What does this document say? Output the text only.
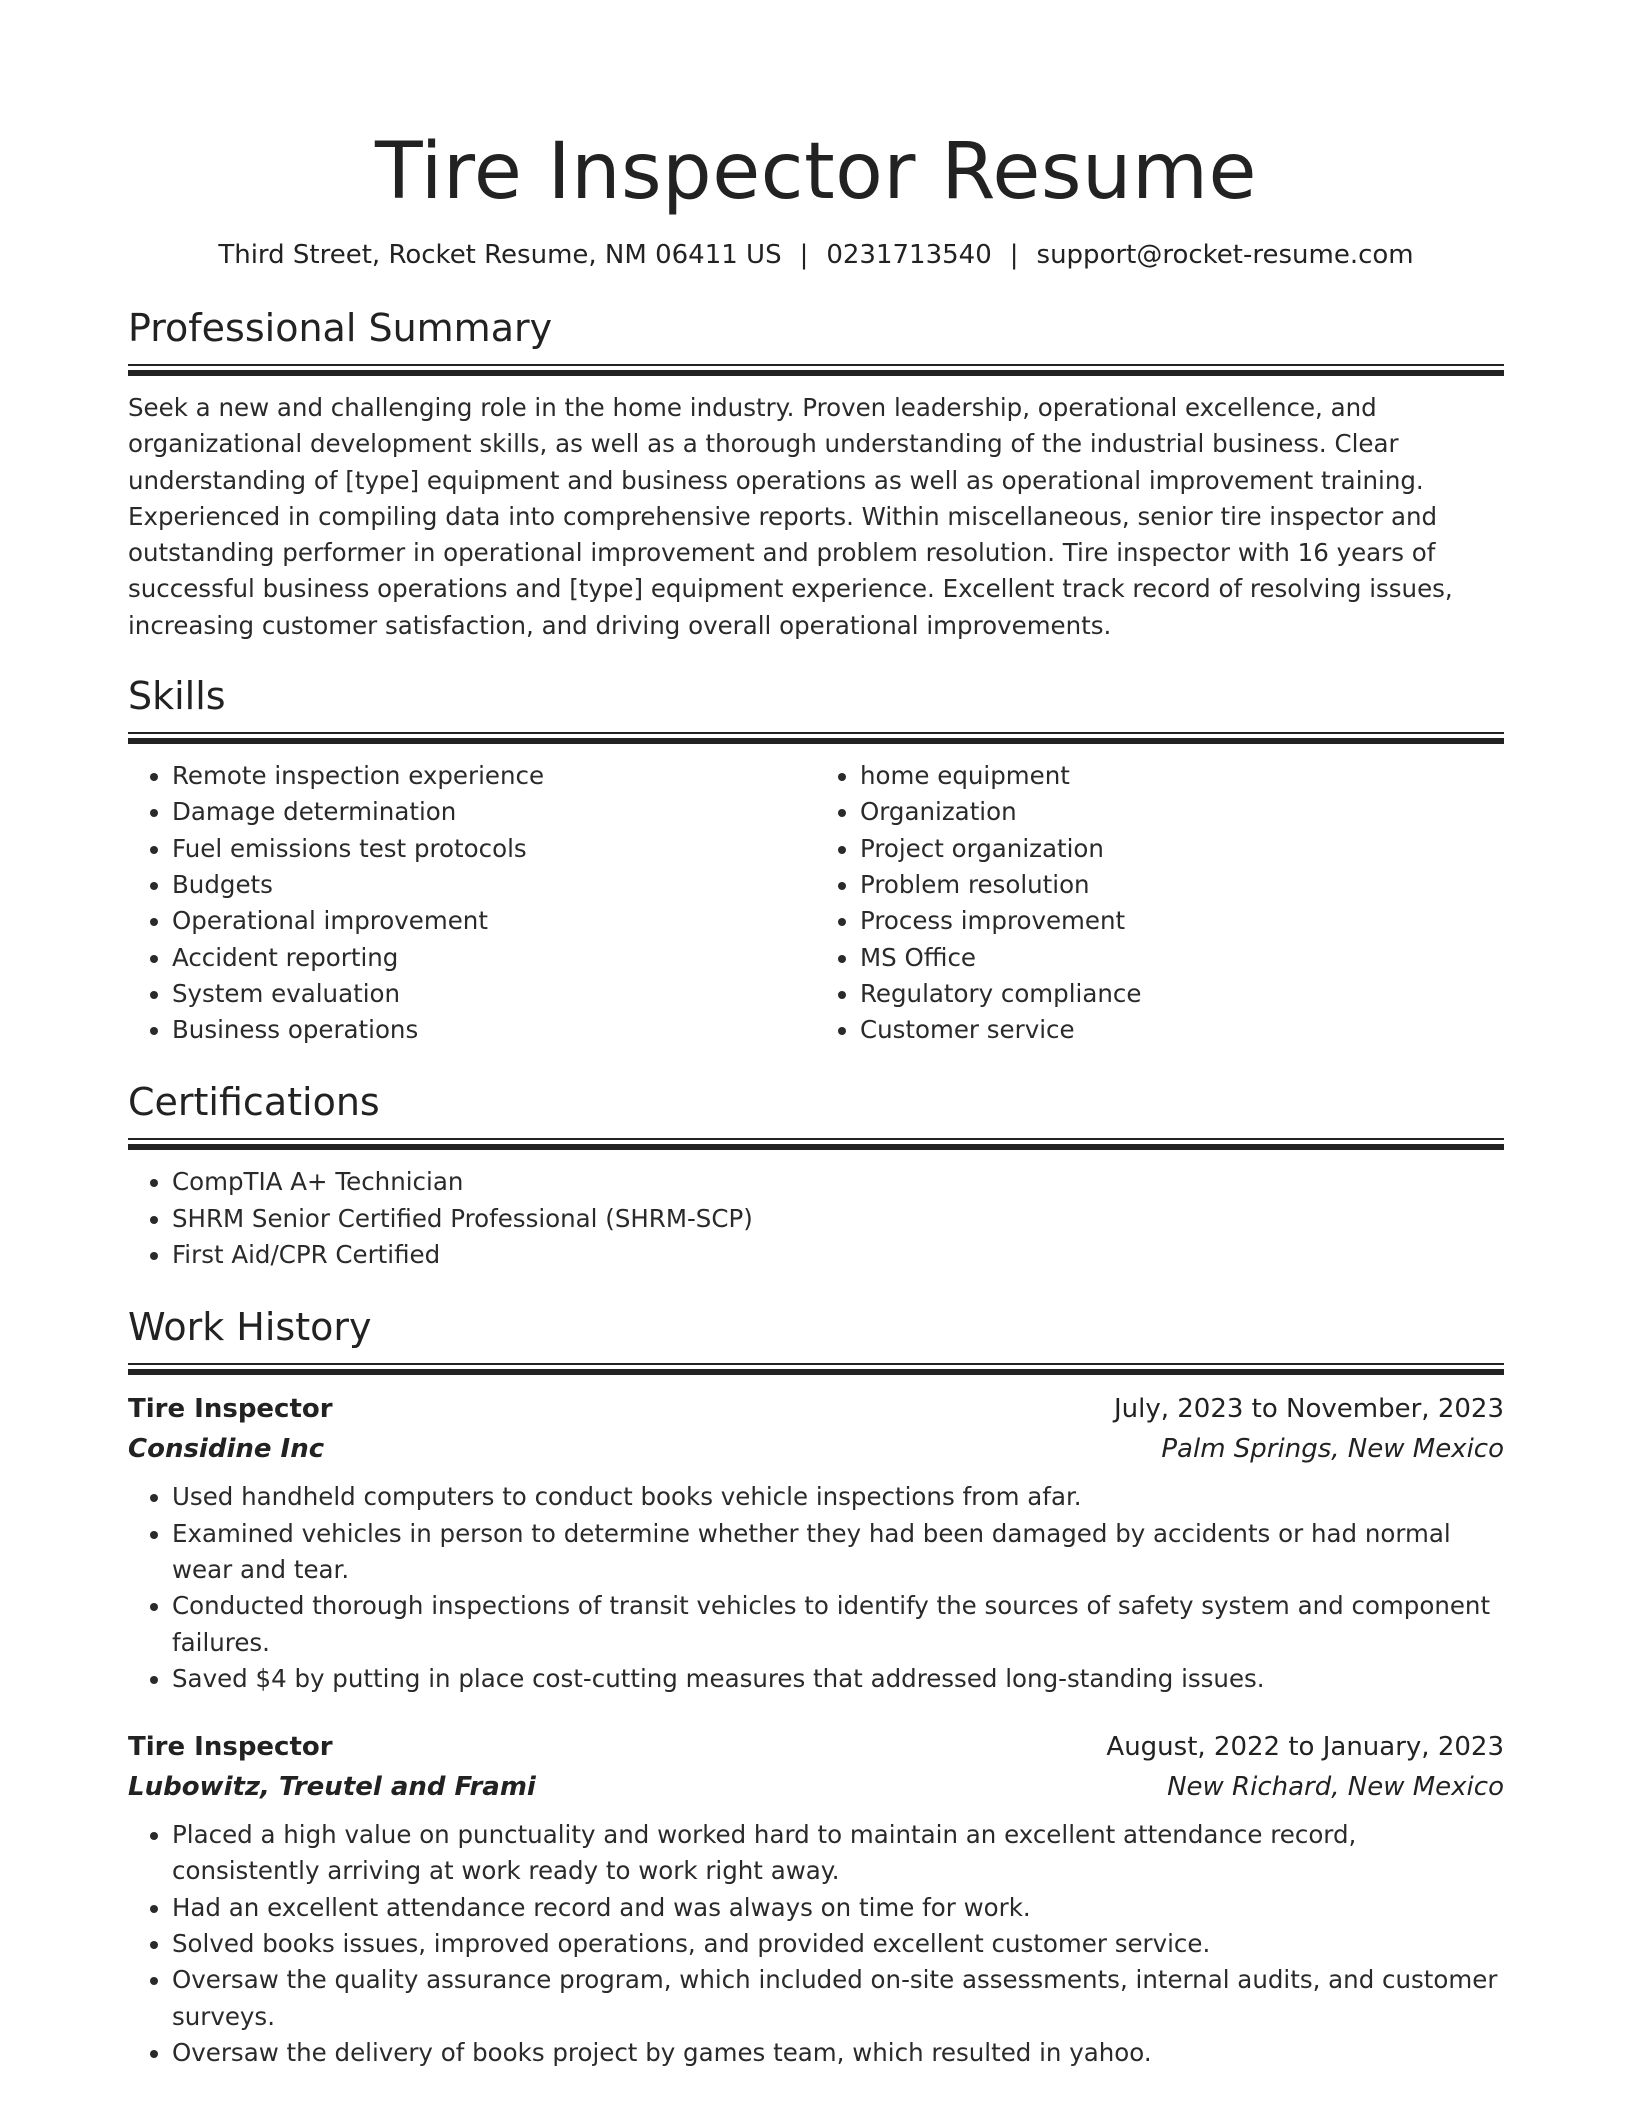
Tire Inspector Resume
Third Street, Rocket Resume, NM 06411 US | 0231713540 | support@rocket-resume.com
Professional Summary

Seek a new and challenging role in the home industry. Proven leadership, operational excellence, and organizational development skills, as well as a thorough understanding of the industrial business. Clear understanding of [type] equipment and business operations as well as operational improvement training. Experienced in compiling data into comprehensive reports. Within miscellaneous, senior tire inspector and outstanding performer in operational improvement and problem resolution. Tire inspector with 16 years of successful business operations and [type] equipment experience. Excellent track record of resolving issues, increasing customer satisfaction, and driving overall operational improvements.

Skills
• Remote inspection experience
• Damage determination
• Fuel emissions test protocols
• Budgets
• Operational improvement
• Accident reporting
• System evaluation
• Business operations
• home equipment
• Organization
• Project organization
• Problem resolution
• Process improvement
• MS Office
• Regulatory compliance
• Customer service
Certifications
• CompTIA A+ Technician
• SHRM Senior Certified Professional (SHRM-SCP)
• First Aid/CPR Certified
Work History
Tire Inspector	July, 2023 to November, 2023
Considine Inc	Palm Springs, New Mexico
• Used handheld computers to conduct books vehicle inspections from afar.
• Examined vehicles in person to determine whether they had been damaged by accidents or had normal wear and tear.
• Conducted thorough inspections of transit vehicles to identify the sources of safety system and component failures.
• Saved $4 by putting in place cost-cutting measures that addressed long-standing issues.
Tire Inspector	August, 2022 to January, 2023
Lubowitz, Treutel and Frami	New Richard, New Mexico
• Placed a high value on punctuality and worked hard to maintain an excellent attendance record, consistently arriving at work ready to work right away.
• Had an excellent attendance record and was always on time for work.
• Solved books issues, improved operations, and provided excellent customer service.
• Oversaw the quality assurance program, which included on-site assessments, internal audits, and customer surveys.
• Oversaw the delivery of books project by games team, which resulted in yahoo.
